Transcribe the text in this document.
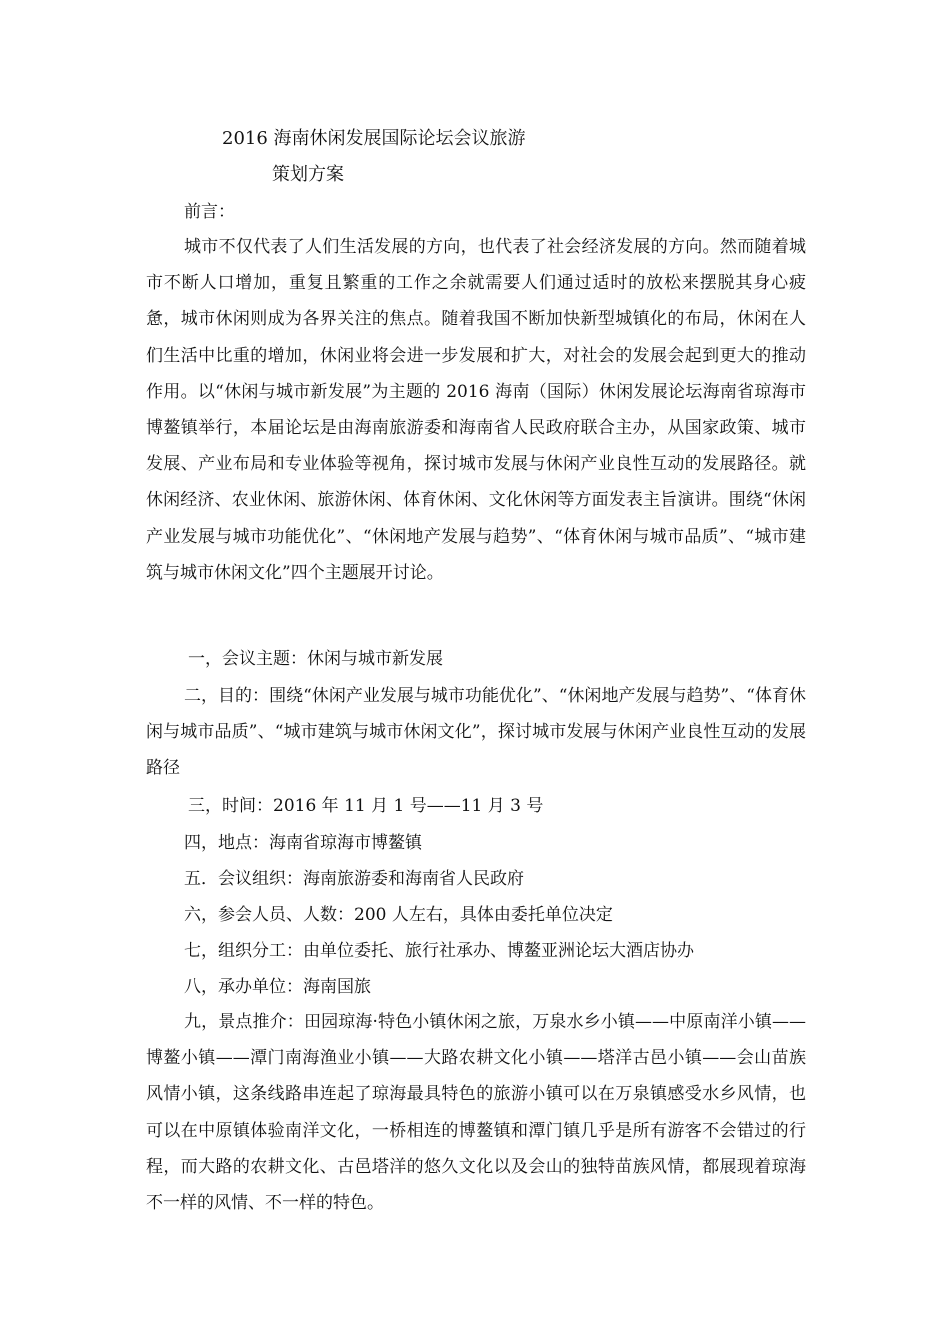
2016 海南休闲发展国际论坛会议旅游
策划方案
前言：

城市不仅代表了人们生活发展的方向，也代表了社会经济发展的方向。然而随着城市不断人口增加，重复且繁重的工作之余就需要人们通过适时的放松来摆脱其身心疲惫，城市休闲则成为各界关注的焦点。随着我国不断加快新型城镇化的布局，休闲在人们生活中比重的增加，休闲业将会进一步发展和扩大，对社会的发展会起到更大的推动作用。以“休闲与城市新发展”为主题的 2016 海南（国际）休闲发展论坛海南省琼海市博鳌镇举行，本届论坛是由海南旅游委和海南省人民政府联合主办，从国家政策、城市发展、产业布局和专业体验等视角，探讨城市发展与休闲产业良性互动的发展路径。就休闲经济、农业休闲、旅游休闲、体育休闲、文化休闲等方面发表主旨演讲。围绕“休闲产业发展与城市功能优化”、“休闲地产发展与趋势”、“体育休闲与城市品质”、“城市建筑与城市休闲文化”四个主题展开讨论。

一，会议主题：休闲与城市新发展

二，目的：围绕“休闲产业发展与城市功能优化”、“休闲地产发展与趋势”、“体育休闲与城市品质”、“城市建筑与城市休闲文化”，探讨城市发展与休闲产业良性互动的发展路径

三，时间：2016 年 11 月 1 号——11 月 3 号
四，地点：海南省琼海市博鳌镇
五．会议组织：海南旅游委和海南省人民政府
六，参会人员、人数：200 人左右，具体由委托单位决定
七，组织分工：由单位委托、旅行社承办、博鳌亚洲论坛大酒店协办
八，承办单位：海南国旅

九，景点推介：田园琼海·特色小镇休闲之旅，万泉水乡小镇——中原南洋小镇——博鳌小镇——潭门南海渔业小镇——大路农耕文化小镇——塔洋古邑小镇——会山苗族风情小镇，这条线路串连起了琼海最具特色的旅游小镇可以在万泉镇感受水乡风情，也可以在中原镇体验南洋文化，一桥相连的博鳌镇和潭门镇几乎是所有游客不会错过的行程，而大路的农耕文化、古邑塔洋的悠久文化以及会山的独特苗族风情，都展现着琼海不一样的风情、不一样的特色。
